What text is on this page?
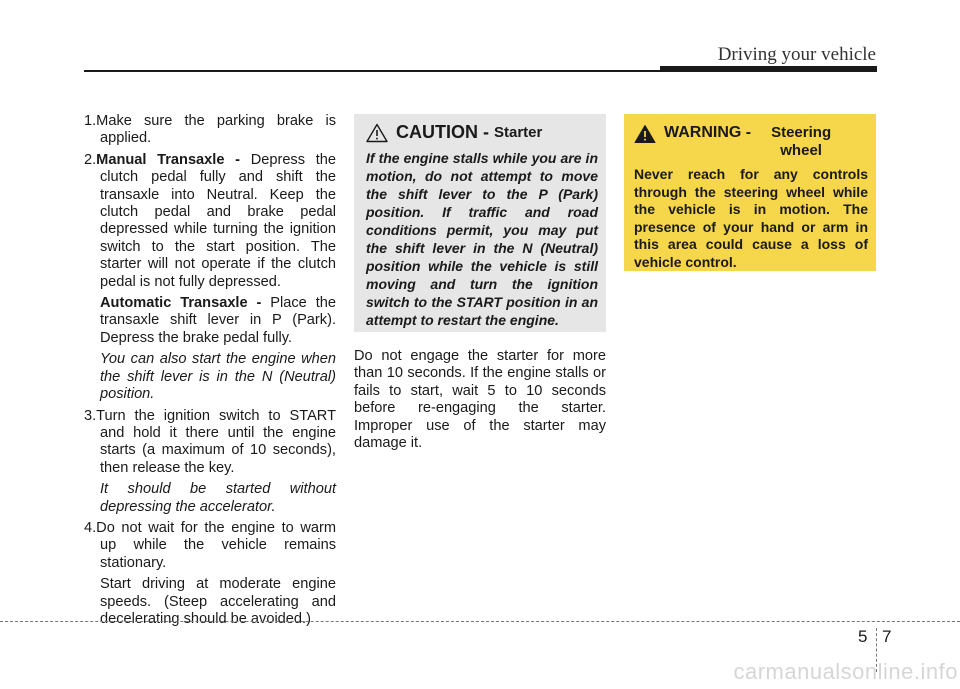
Driving your vehicle

1.Make sure the parking brake is applied.

2.Manual Transaxle - Depress the clutch pedal fully and shift the transaxle into Neutral. Keep the clutch pedal and brake pedal depressed while turning the ignition switch to the start position. The starter will not operate if the clutch pedal is not fully depressed.

Automatic Transaxle - Place the transaxle shift lever in P (Park). Depress the brake pedal fully.

You can also start the engine when the shift lever is in the N (Neutral) position.

3.Turn the ignition switch to START and hold it there until the engine starts (a maximum of 10 seconds), then release the key.

It should be started without depressing the accelerator.

4.Do not wait for the engine to warm up while the vehicle remains stationary.

Start driving at moderate engine speeds. (Steep accelerating and decelerating should be avoided.)

CAUTION - Starter

If the engine stalls while you are in motion, do not attempt to move the shift lever to the P (Park) position. If traffic and road conditions permit, you may put the shift lever in the N (Neutral) position while the vehicle is still moving and turn the ignition switch to the START position in an attempt to restart the engine.

Do not engage the starter for more than 10 seconds. If the engine stalls or fails to start, wait 5 to 10 seconds before re-engaging the starter. Improper use of the starter may damage it.

WARNING -	Steering wheel

Never reach for any controls through the steering wheel while the vehicle is in motion. The presence of your hand or arm in this area could cause a loss of vehicle control.

5 7
carmanualsonline.info
